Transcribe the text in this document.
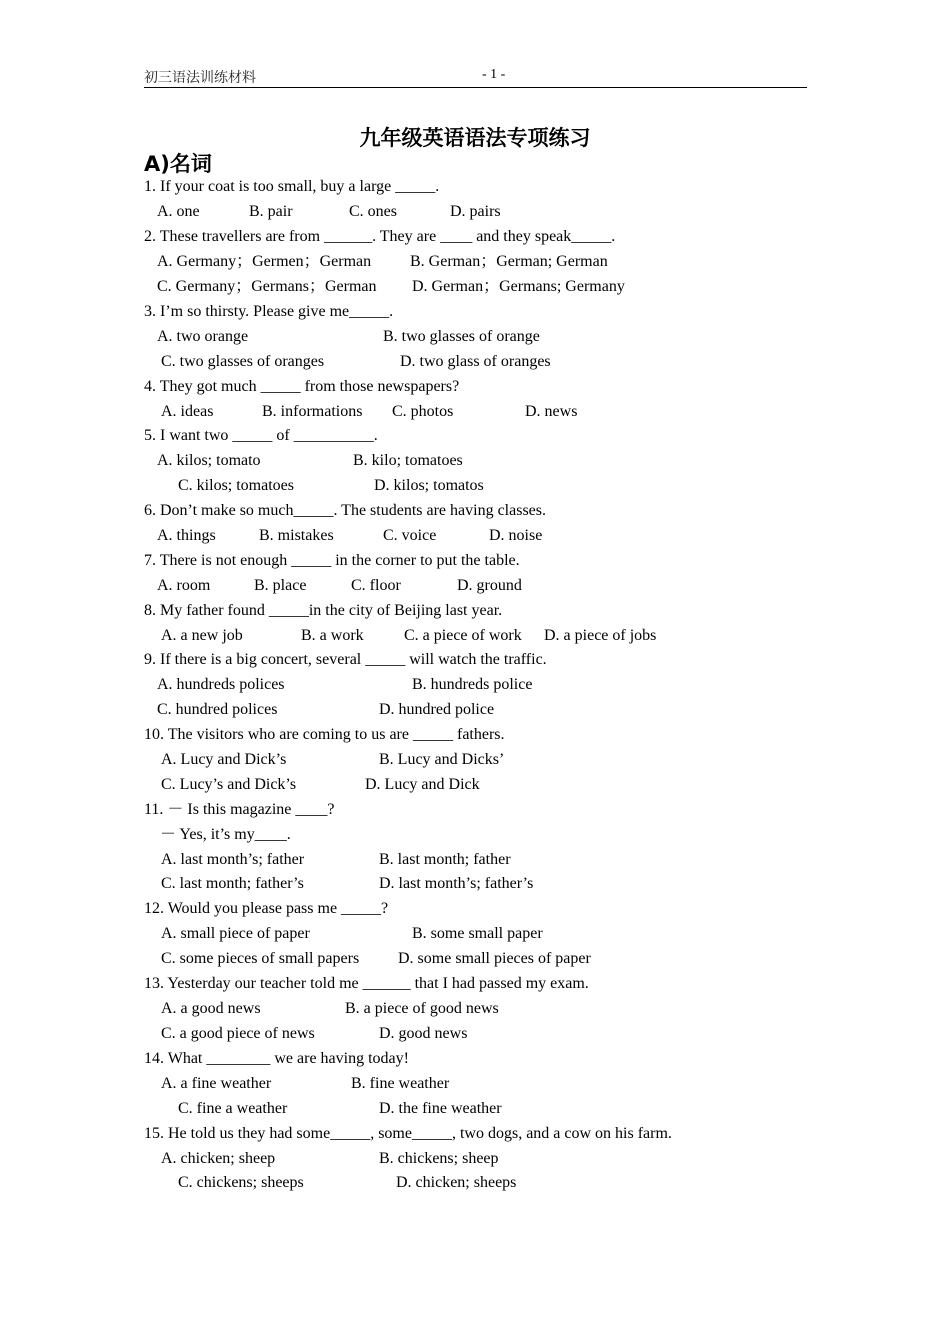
初三语法训练材料	- 1 -
九年级英语语法专项练习
A)名词
1. If your coat is too small, buy a large _____.
A. one	B. pair	C. ones	D. pairs
2. These travellers are from ______. They are ____ and they speak_____.
A. Germany；Germen；German B. German；German; German
C. Germany；Germans；German D. German；Germans; Germany
3. I’m so thirsty. Please give me_____.
A. two orange	B. two glasses of orange
C. two glasses of oranges	D. two glass of oranges
4. They got much _____ from those newspapers?
A. ideas	B. informations C. photos	D. news
5. I want two _____ of __________.
A. kilos; tomato	B. kilo; tomatoes
C. kilos; tomatoes	D. kilos; tomatos
6. Don’t make so much_____. The students are having classes.
A. things	B. mistakes	C. voice	D. noise
7. There is not enough _____ in the corner to put the table.
A. room	B. place	C. floor	D. ground
8. My father found _____in the city of Beijing last year.
A. a new job	B. a work	C. a piece of work D. a piece of jobs
9. If there is a big concert, several _____ will watch the traffic.
A. hundreds polices	B. hundreds police
C. hundred polices	D. hundred police
10. The visitors who are coming to us are _____ fathers.
A. Lucy and Dick’s	B. Lucy and Dicks’
C. Lucy’s and Dick’s	D. Lucy and Dick
11. － Is this magazine ____?
－ Yes, it’s my____.
A. last month’s; father	B. last month; father
C. last month; father’s	D. last month’s; father’s
12. Would you please pass me _____?
A. small piece of paper	B. some small paper
C. some pieces of small papers D. some small pieces of paper
13. Yesterday our teacher told me ______ that I had passed my exam.
A. a good news	B. a piece of good news
C. a good piece of news	D. good news
14. What ________ we are having today!
A. a fine weather	B. fine weather
C. fine a weather	D. the fine weather
15. He told us they had some_____, some_____, two dogs, and a cow on his farm.
A. chicken; sheep	B. chickens; sheep
C. chickens; sheeps	D. chicken; sheeps
